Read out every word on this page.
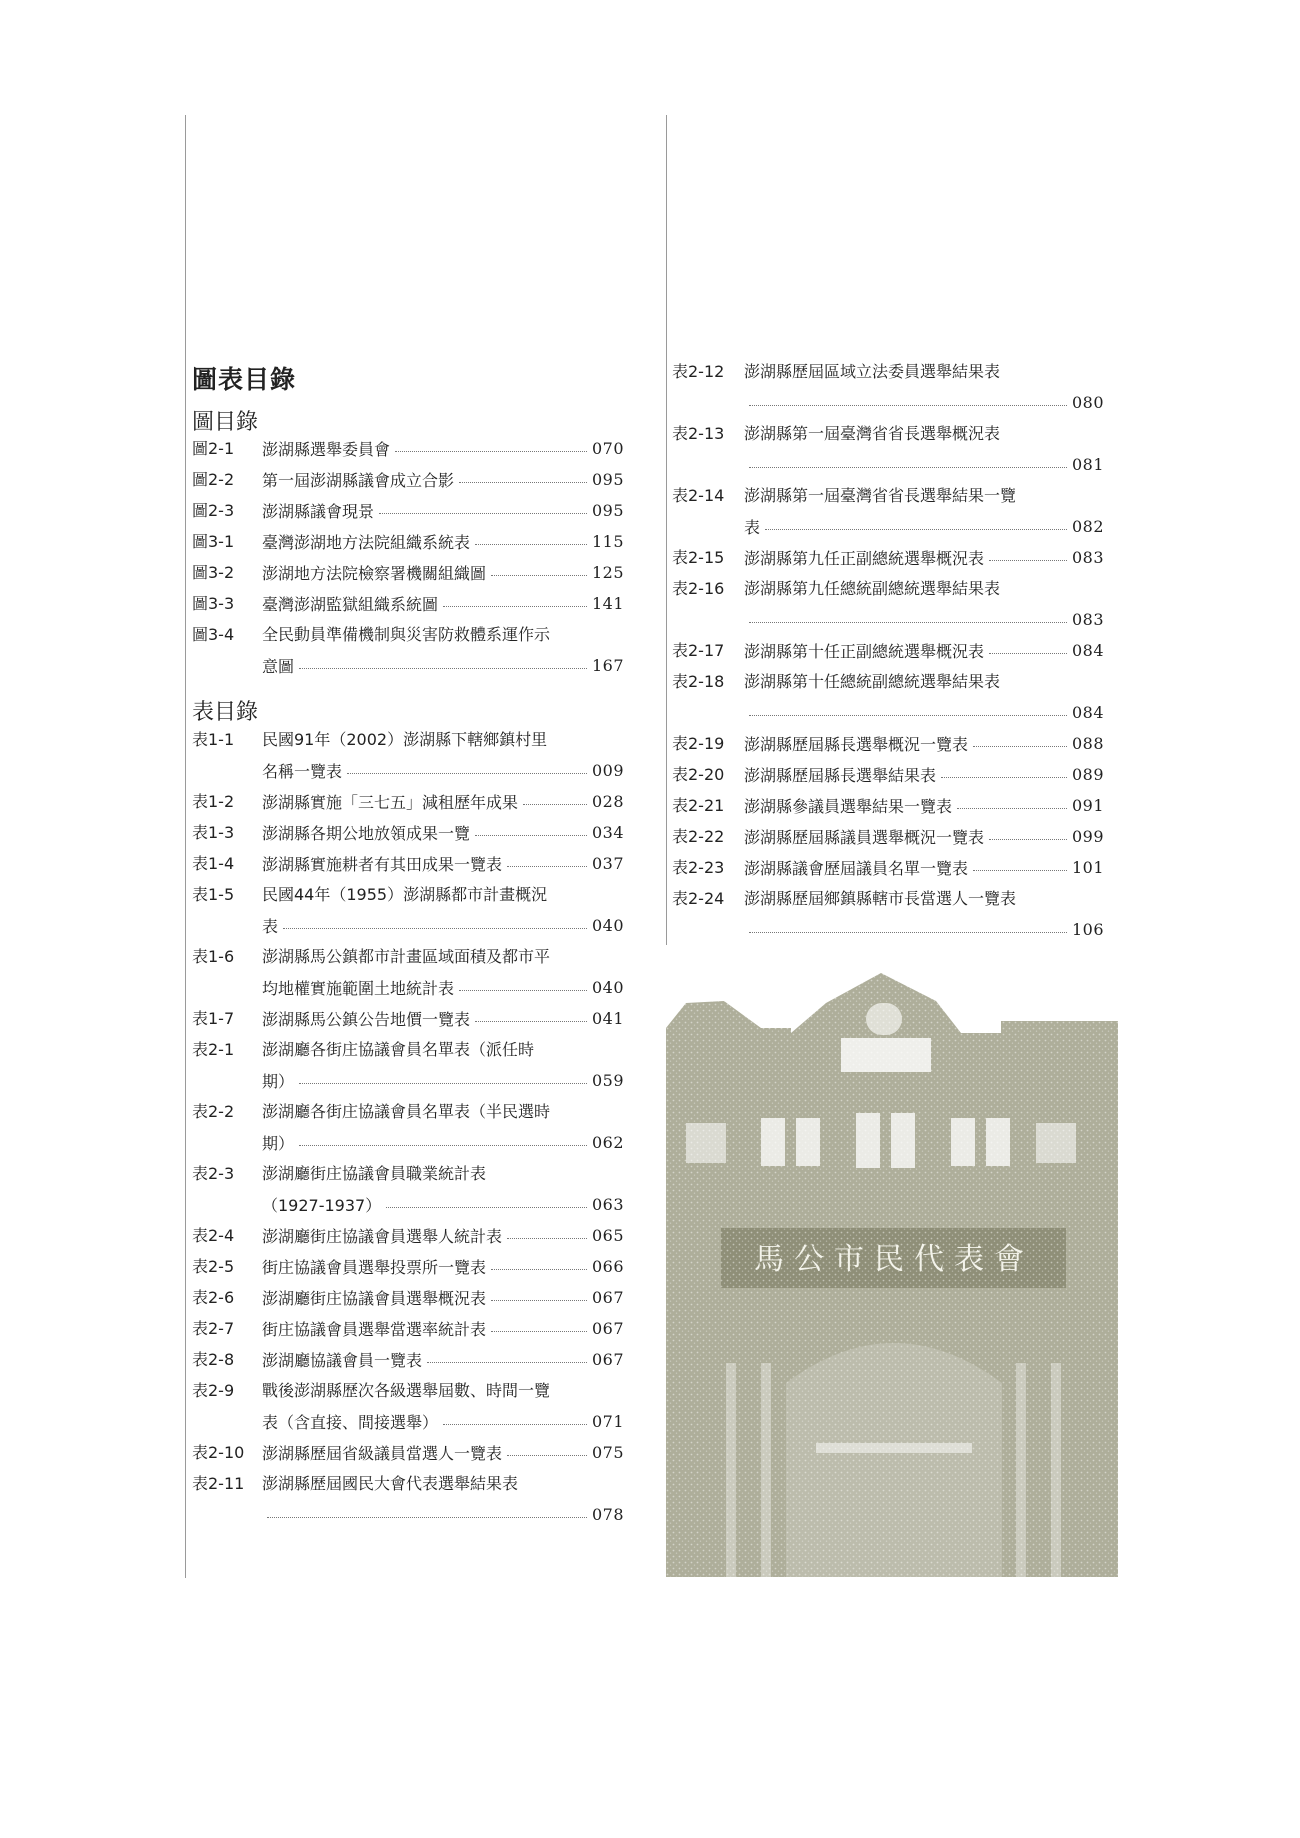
圖表目錄
圖目錄
表目錄
圖2-1 澎湖縣選舉委員會	070
圖2-2 第一屆澎湖縣議會成立合影	095
圖2-3 澎湖縣議會現景	095
圖3-1 臺灣澎湖地方法院組織系統表	115
圖3-2 澎湖地方法院檢察署機關組織圖	125
圖3-3 臺灣澎湖監獄組織系統圖	141
圖3-4 全民動員準備機制與災害防救體系運作示
意圖	167
表1-1 民國91年（2002）澎湖縣下轄鄉鎮村里
名稱一覽表	009
表1-2 澎湖縣實施「三七五」減租歷年成果	028
表1-3 澎湖縣各期公地放領成果一覽	034
表1-4 澎湖縣實施耕者有其田成果一覽表	037
表1-5 民國44年（1955）澎湖縣都市計畫概況
表	040
表1-6 澎湖縣馬公鎮都市計畫區域面積及都市平
均地權實施範圍土地統計表	040
表1-7 澎湖縣馬公鎮公告地價一覽表	041
表2-1 澎湖廳各街庄協議會員名單表（派任時
期）	059
表2-2 澎湖廳各街庄協議會員名單表（半民選時
期）	062
表2-3 澎湖廳街庄協議會員職業統計表
（1927-1937）	063
表2-4 澎湖廳街庄協議會員選舉人統計表	065
表2-5 街庄協議會員選舉投票所一覽表	066
表2-6 澎湖廳街庄協議會員選舉概況表	067
表2-7 街庄協議會員選舉當選率統計表	067
表2-8 澎湖廳協議會員一覽表	067
表2-9 戰後澎湖縣歷次各級選舉屆數、時間一覽
表（含直接、間接選舉）	071
表2-10 澎湖縣歷屆省級議員當選人一覽表	075
表2-11 澎湖縣歷屆國民大會代表選舉結果表
078
表2-12 澎湖縣歷屆區域立法委員選舉結果表
080
表2-13 澎湖縣第一屆臺灣省省長選舉概況表
081
表2-14 澎湖縣第一屆臺灣省省長選舉結果一覽
表	082
表2-15 澎湖縣第九任正副總統選舉概況表	083
表2-16 澎湖縣第九任總統副總統選舉結果表
083
表2-17 澎湖縣第十任正副總統選舉概況表	084
表2-18 澎湖縣第十任總統副總統選舉結果表
084
表2-19 澎湖縣歷屆縣長選舉概況一覽表	088
表2-20 澎湖縣歷屆縣長選舉結果表	089
表2-21 澎湖縣參議員選舉結果一覽表	091
表2-22 澎湖縣歷屆縣議員選舉概況一覽表	099
表2-23 澎湖縣議會歷屆議員名單一覽表	101
表2-24 澎湖縣歷屆鄉鎮縣轄市長當選人一覽表
106
